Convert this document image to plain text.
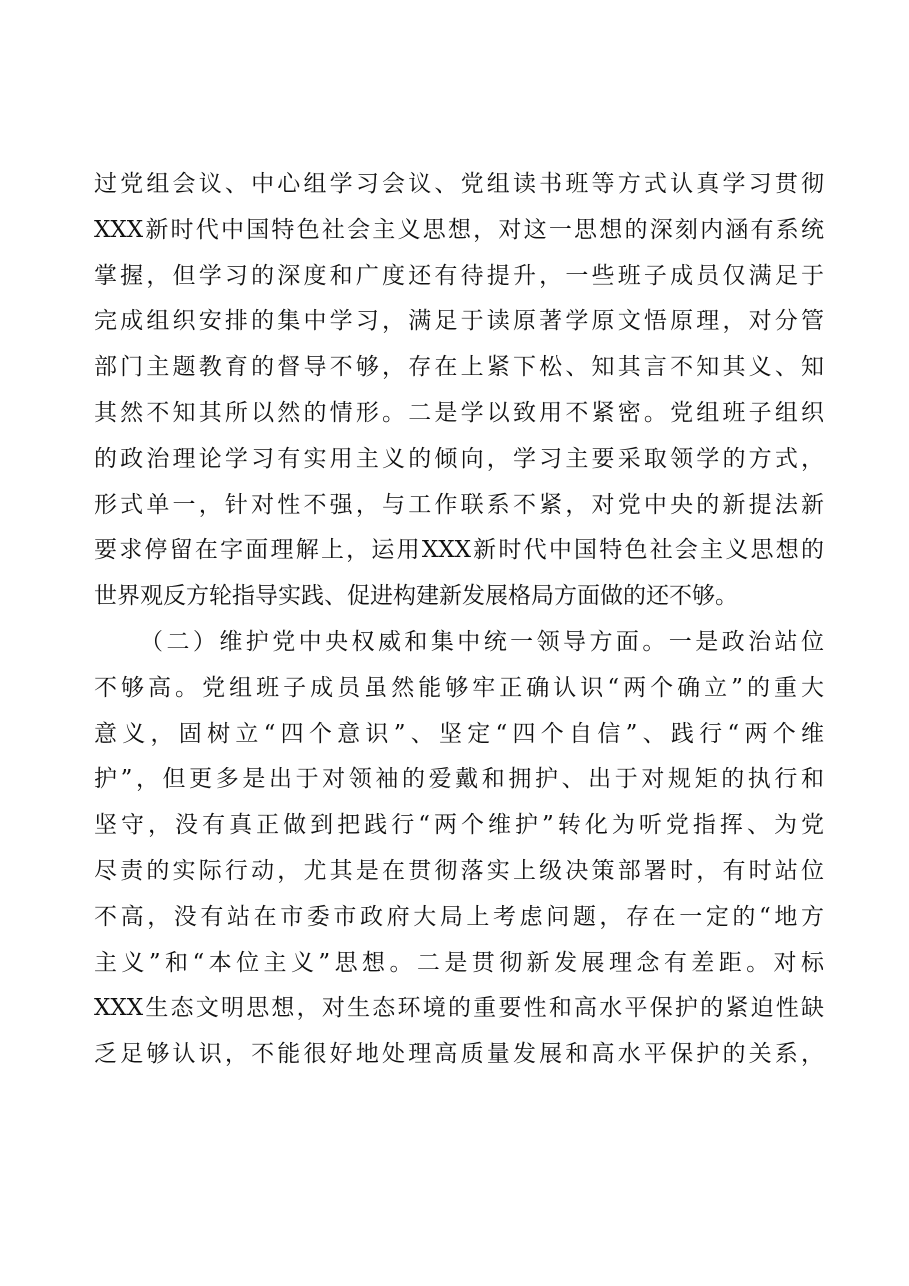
过党组会议、中心组学习会议、党组读书班等方式认真学习贯彻
XXX新时代中国特色社会主义思想，对这一思想的深刻内涵有系统
掌握，但学习的深度和广度还有待提升，一些班子成员仅满足于
完成组织安排的集中学习，满足于读原著学原文悟原理，对分管
部门主题教育的督导不够，存在上紧下松、知其言不知其义、知
其然不知其所以然的情形。二是学以致用不紧密。党组班子组织
的政治理论学习有实用主义的倾向，学习主要采取领学的方式，
形式单一，针对性不强，与工作联系不紧，对党中央的新提法新
要求停留在字面理解上，运用XXX新时代中国特色社会主义思想的
世界观反方轮指导实践、促进构建新发展格局方面做的还不够。
（二）维护党中央权威和集中统一领导方面。一是政治站位
不够高。党组班子成员虽然能够牢正确认识“两个确立”的重大
意义，固树立“四个意识”、坚定“四个自信”、践行“两个维
护”，但更多是出于对领袖的爱戴和拥护、出于对规矩的执行和
坚守，没有真正做到把践行“两个维护”转化为听党指挥、为党
尽责的实际行动，尤其是在贯彻落实上级决策部署时，有时站位
不高，没有站在市委市政府大局上考虑问题，存在一定的“地方
主义”和“本位主义”思想。二是贯彻新发展理念有差距。对标
XXX生态文明思想，对生态环境的重要性和高水平保护的紧迫性缺
乏足够认识，不能很好地处理高质量发展和高水平保护的关系，
